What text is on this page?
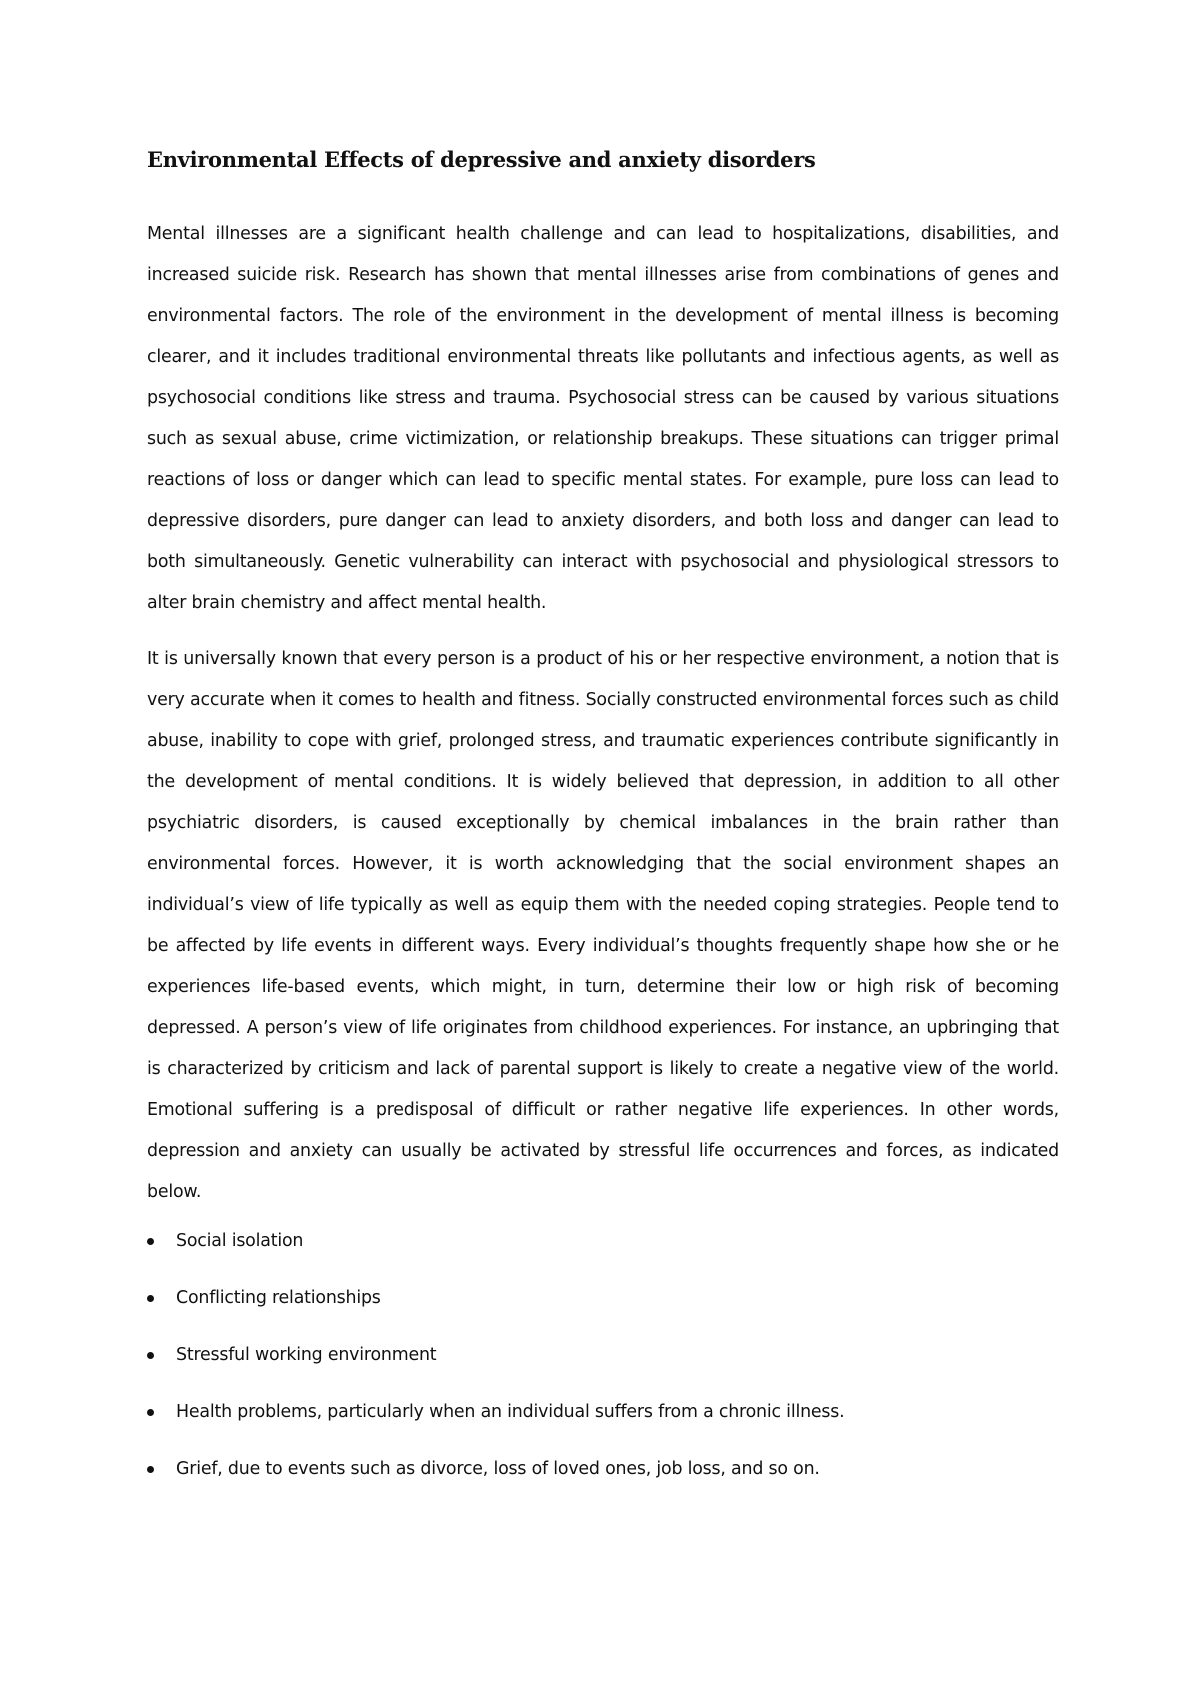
Environmental Effects of depressive and anxiety disorders

Mental illnesses are a significant health challenge and can lead to hospitalizations, disabilities, and increased suicide risk. Research has shown that mental illnesses arise from combinations of genes and environmental factors. The role of the environment in the development of mental illness is becoming clearer, and it includes traditional environmental threats like pollutants and infectious agents, as well as psychosocial conditions like stress and trauma. Psychosocial stress can be caused by various situations such as sexual abuse, crime victimization, or relationship breakups. These situations can trigger primal reactions of loss or danger which can lead to specific mental states. For example, pure loss can lead to depressive disorders, pure danger can lead to anxiety disorders, and both loss and danger can lead to both simultaneously. Genetic vulnerability can interact with psychosocial and physiological stressors to alter brain chemistry and affect mental health.

It is universally known that every person is a product of his or her respective environment, a notion that is very accurate when it comes to health and fitness. Socially constructed environmental forces such as child abuse, inability to cope with grief, prolonged stress, and traumatic experiences contribute significantly in the development of mental conditions. It is widely believed that depression, in addition to all other psychiatric disorders, is caused exceptionally by chemical imbalances in the brain rather than environmental forces. However, it is worth acknowledging that the social environment shapes an individual’s view of life typically as well as equip them with the needed coping strategies. People tend to be affected by life events in different ways. Every individual’s thoughts frequently shape how she or he experiences life-based events, which might, in turn, determine their low or high risk of becoming depressed. A person’s view of life originates from childhood experiences. For instance, an upbringing that is characterized by criticism and lack of parental support is likely to create a negative view of the world. Emotional suffering is a predisposal of difficult or rather negative life experiences. In other words, depression and anxiety can usually be activated by stressful life occurrences and forces, as indicated below.

Social isolation
Conflicting relationships
Stressful working environment
Health problems, particularly when an individual suffers from a chronic illness.
Grief, due to events such as divorce, loss of loved ones, job loss, and so on.
